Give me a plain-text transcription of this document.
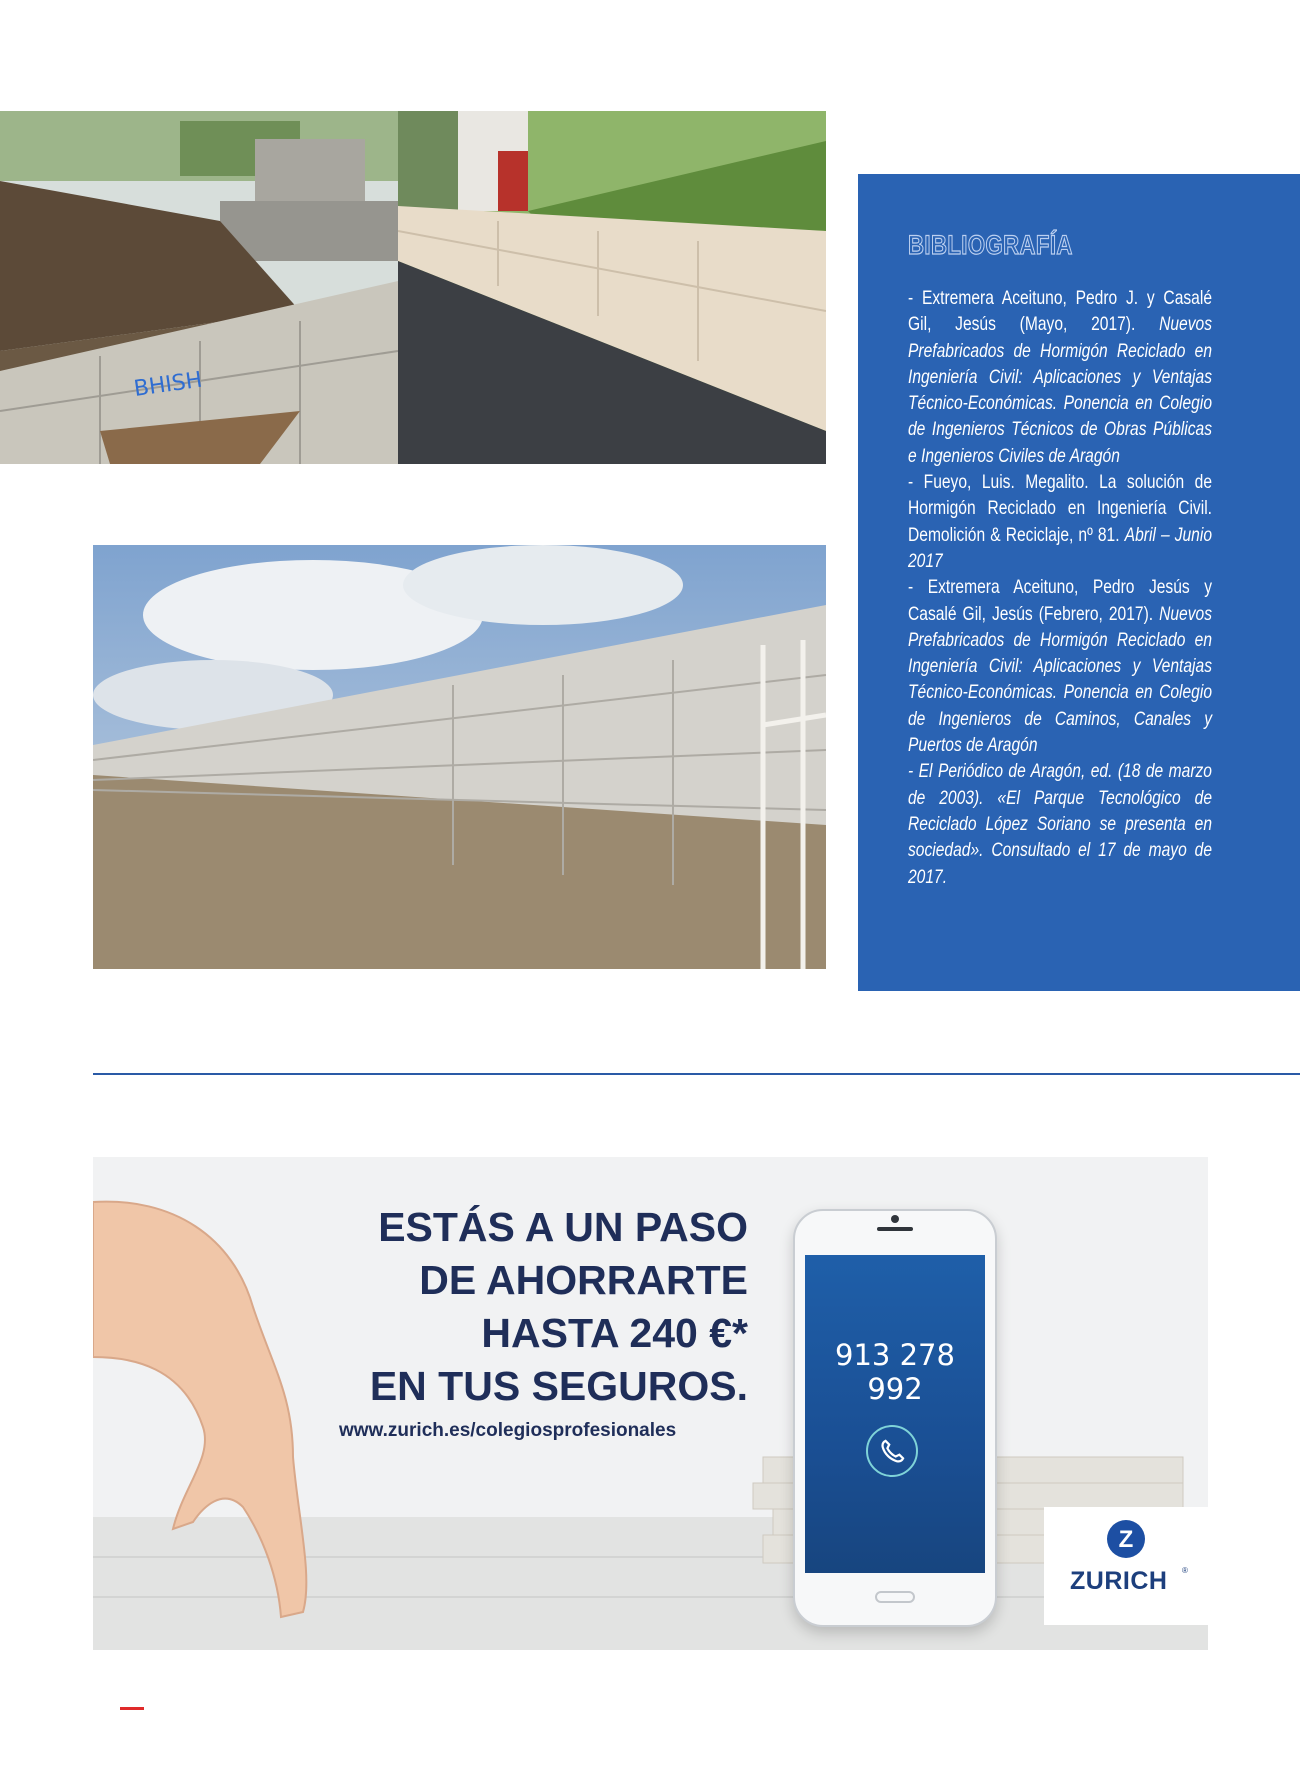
BHISH
BIBLIOGRAFÍA

- Extremera Aceituno, Pedro J. y Casalé Gil, Jesús (Mayo, 2017). Nuevos Prefabricados de Hormigón Reciclado en Ingeniería Civil: Aplicaciones y Ventajas Técnico-Económicas. Ponencia en Colegio de Ingenieros Técnicos de Obras Públicas e Ingenieros Civiles de Aragón
- Fueyo, Luis. Megalito. La solución de Hormigón Reciclado en Ingeniería Civil. Demolición & Reciclaje, nº 81. Abril – Junio 2017
- Extremera Aceituno, Pedro Jesús y Casalé Gil, Jesús (Febrero, 2017). Nuevos Prefabricados de Hormigón Reciclado en Ingeniería Civil: Aplicaciones y Ventajas Técnico-Económicas. Ponencia en Colegio de Ingenieros de Caminos, Canales y Puertos de Aragón
- El Periódico de Aragón, ed. (18 de marzo de 2003). «El Parque Tecnológico de Reciclado López Soriano se presenta en sociedad». Consultado el 17 de mayo de 2017.

ESTÁS A UN PASO
DE AHORRARTE
HASTA 240 €*
EN TUS SEGUROS.
www.zurich.es/colegiosprofesionales
913 278 992
Z
ZURICH ®
